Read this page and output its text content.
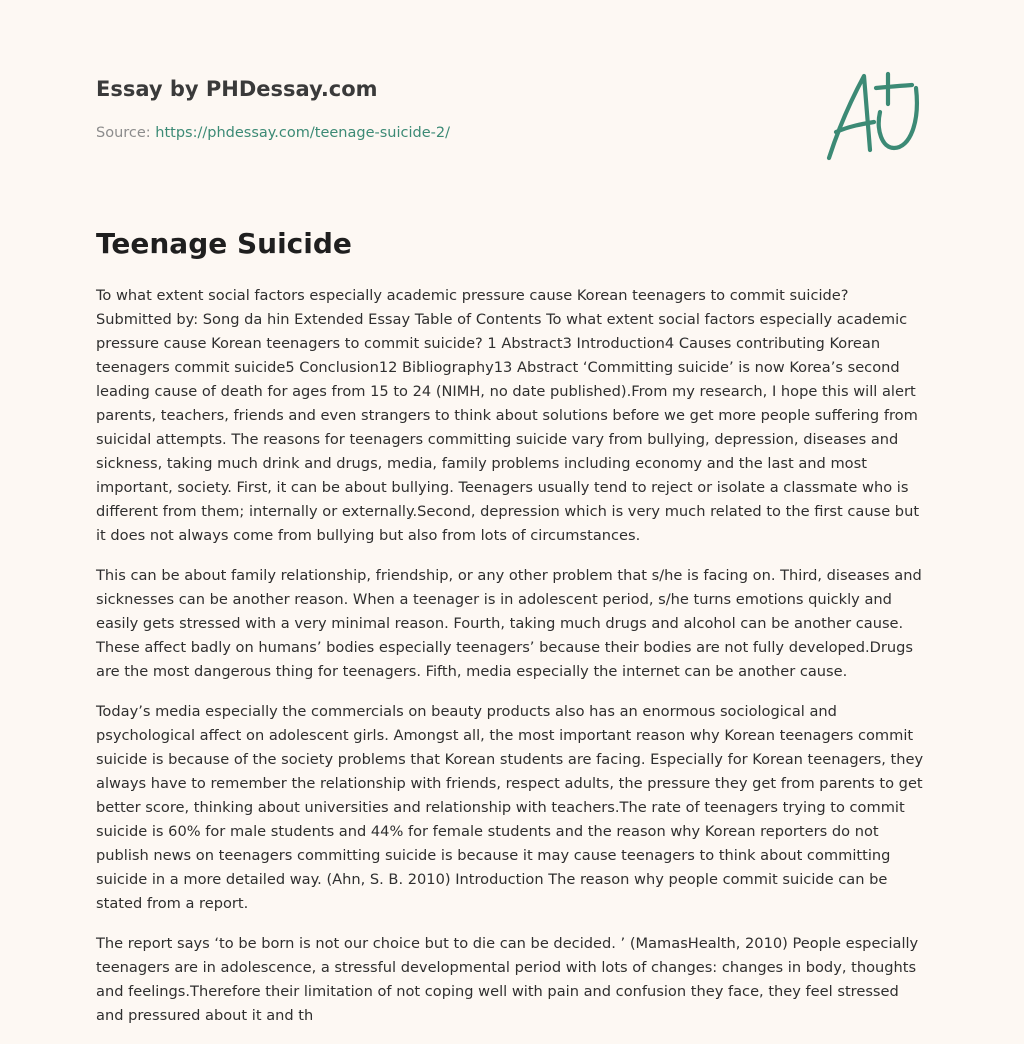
Essay by PHDessay.com
Source: https://phdessay.com/teenage-suicide-2/
Teenage Suicide

To what extent social factors especially academic pressure cause Korean teenagers to commit suicide? Submitted by: Song da hin Extended Essay Table of Contents To what extent social factors especially academic pressure cause Korean teenagers to commit suicide? 1 Abstract3 Introduction4 Causes contributing Korean teenagers commit suicide5 Conclusion12 Bibliography13 Abstract ‘Committing suicide’ is now Korea’s second leading cause of death for ages from 15 to 24 (NIMH, no date published).From my research, I hope this will alert parents, teachers, friends and even strangers to think about solutions before we get more people suffering from suicidal attempts. The reasons for teenagers committing suicide vary from bullying, depression, diseases and sickness, taking much drink and drugs, media, family problems including economy and the last and most important, society. First, it can be about bullying. Teenagers usually tend to reject or isolate a classmate who is different from them; internally or externally.Second, depression which is very much related to the first cause but it does not always come from bullying but also from lots of circumstances.

This can be about family relationship, friendship, or any other problem that s/he is facing on. Third, diseases and sicknesses can be another reason. When a teenager is in adolescent period, s/he turns emotions quickly and easily gets stressed with a very minimal reason. Fourth, taking much drugs and alcohol can be another cause. These affect badly on humans’ bodies especially teenagers’ because their bodies are not fully developed.Drugs are the most dangerous thing for teenagers. Fifth, media especially the internet can be another cause.

Today’s media especially the commercials on beauty products also has an enormous sociological and psychological affect on adolescent girls. Amongst all, the most important reason why Korean teenagers commit suicide is because of the society problems that Korean students are facing. Especially for Korean teenagers, they always have to remember the relationship with friends, respect adults, the pressure they get from parents to get better score, thinking about universities and relationship with teachers.The rate of teenagers trying to commit suicide is 60% for male students and 44% for female students and the reason why Korean reporters do not publish news on teenagers committing suicide is because it may cause teenagers to think about committing suicide in a more detailed way. (Ahn, S. B. 2010) Introduction The reason why people commit suicide can be stated from a report.

The report says ‘to be born is not our choice but to die can be decided. ’ (MamasHealth, 2010) People especially teenagers are in adolescence, a stressful developmental period with lots of changes: changes in body, thoughts and feelings.Therefore their limitation of not coping well with pain and confusion they face, they feel stressed and pressured about it and th
